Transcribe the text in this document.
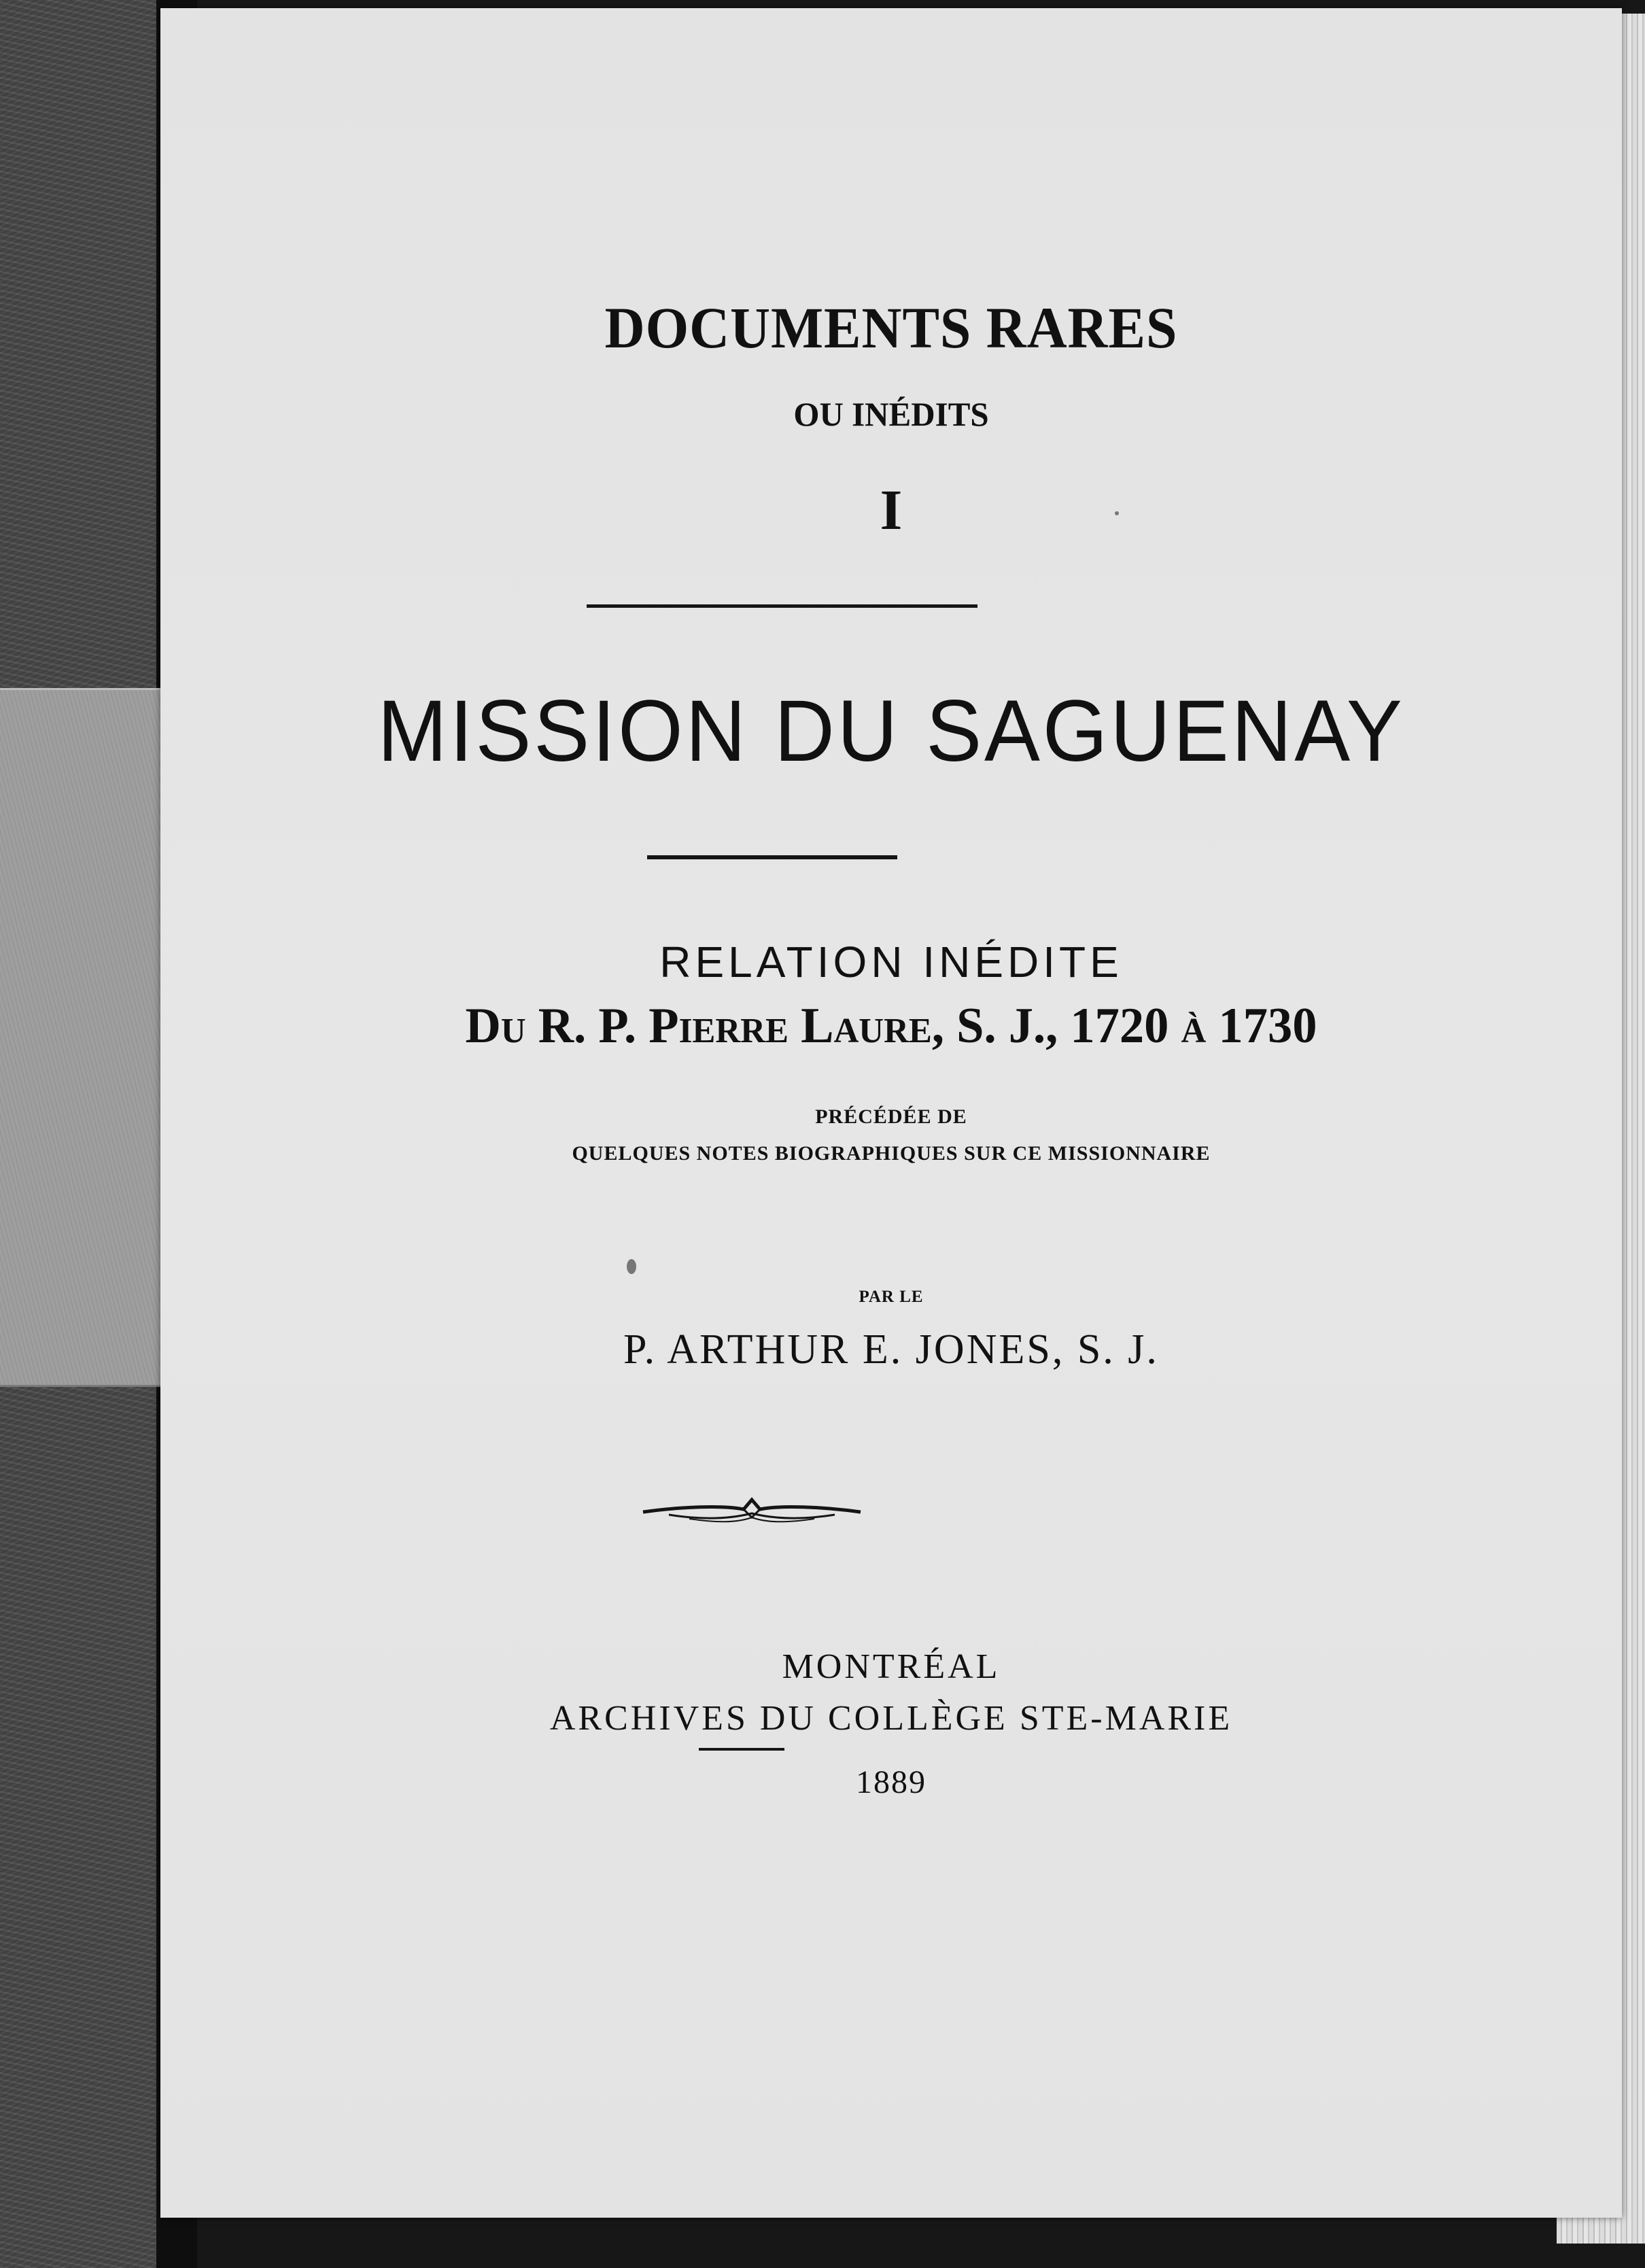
DOCUMENTS RARES

OU INÉDITS

I

MISSION DU SAGUENAY

RELATION INÉDITE

Du R. P. Pierre Laure, S. J., 1720 à 1730

PRÉCÉDÉE DE

QUELQUES NOTES BIOGRAPHIQUES SUR CE MISSIONNAIRE

PAR LE

P. ARTHUR E. JONES, S. J.

MONTRÉAL

ARCHIVES DU COLLÈGE STE-MARIE

1889
